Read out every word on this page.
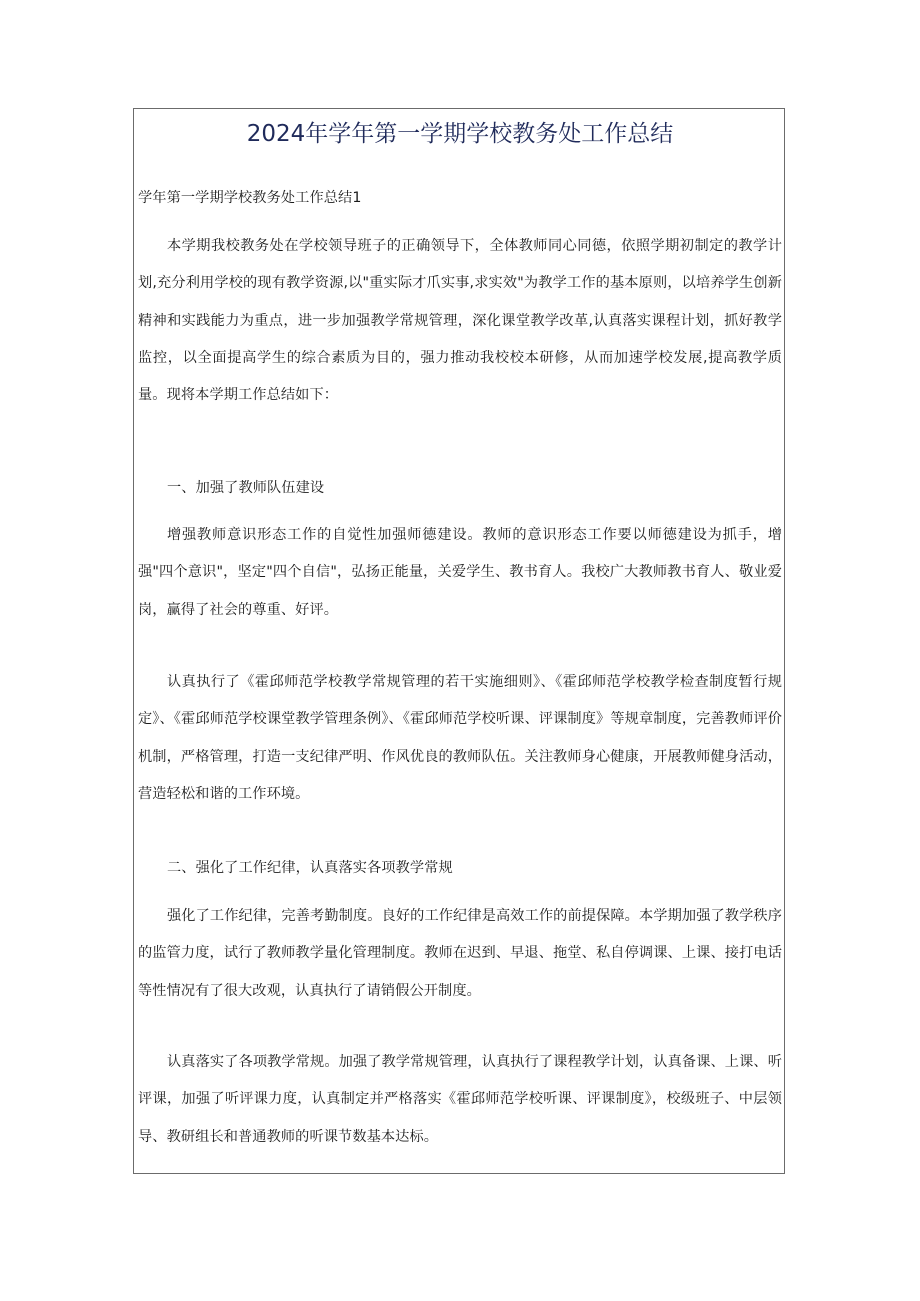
2024年学年第一学期学校教务处工作总结

学年第一学期学校教务处工作总结1

本学期我校教务处在学校领导班子的正确领导下，全体教师同心同德，依照学期初制定的教学计划,充分利用学校的现有教学资源,以"重实际才爪实事,求实效"为教学工作的基本原则，以培养学生创新精神和实践能力为重点，进一步加强教学常规管理，深化课堂教学改革,认真落实课程计划，抓好教学监控，以全面提高学生的综合素质为目的，强力推动我校校本研修，从而加速学校发展,提高教学质量。现将本学期工作总结如下：

一、加强了教师队伍建设

增强教师意识形态工作的自觉性加强师德建设。教师的意识形态工作要以师德建设为抓手，增强"四个意识"，坚定"四个自信"，弘扬正能量，关爱学生、教书育人。我校广大教师教书育人、敬业爱岗，赢得了社会的尊重、好评。

认真执行了《霍邱师范学校教学常规管理的若干实施细则》、《霍邱师范学校教学检查制度暂行规定》、《霍邱师范学校课堂教学管理条例》、《霍邱师范学校听课、评课制度》等规章制度，完善教师评价机制，严格管理，打造一支纪律严明、作风优良的教师队伍。关注教师身心健康，开展教师健身活动，营造轻松和谐的工作环境。

二、强化了工作纪律，认真落实各项教学常规

强化了工作纪律，完善考勤制度。良好的工作纪律是高效工作的前提保障。本学期加强了教学秩序的监管力度，试行了教师教学量化管理制度。教师在迟到、早退、拖堂、私自停调课、上课、接打电话等性情况有了很大改观，认真执行了请销假公开制度。

认真落实了各项教学常规。加强了教学常规管理，认真执行了课程教学计划，认真备课、上课、听评课，加强了听评课力度，认真制定并严格落实《霍邱师范学校听课、评课制度》，校级班子、中层领导、教研组长和普通教师的听课节数基本达标。
